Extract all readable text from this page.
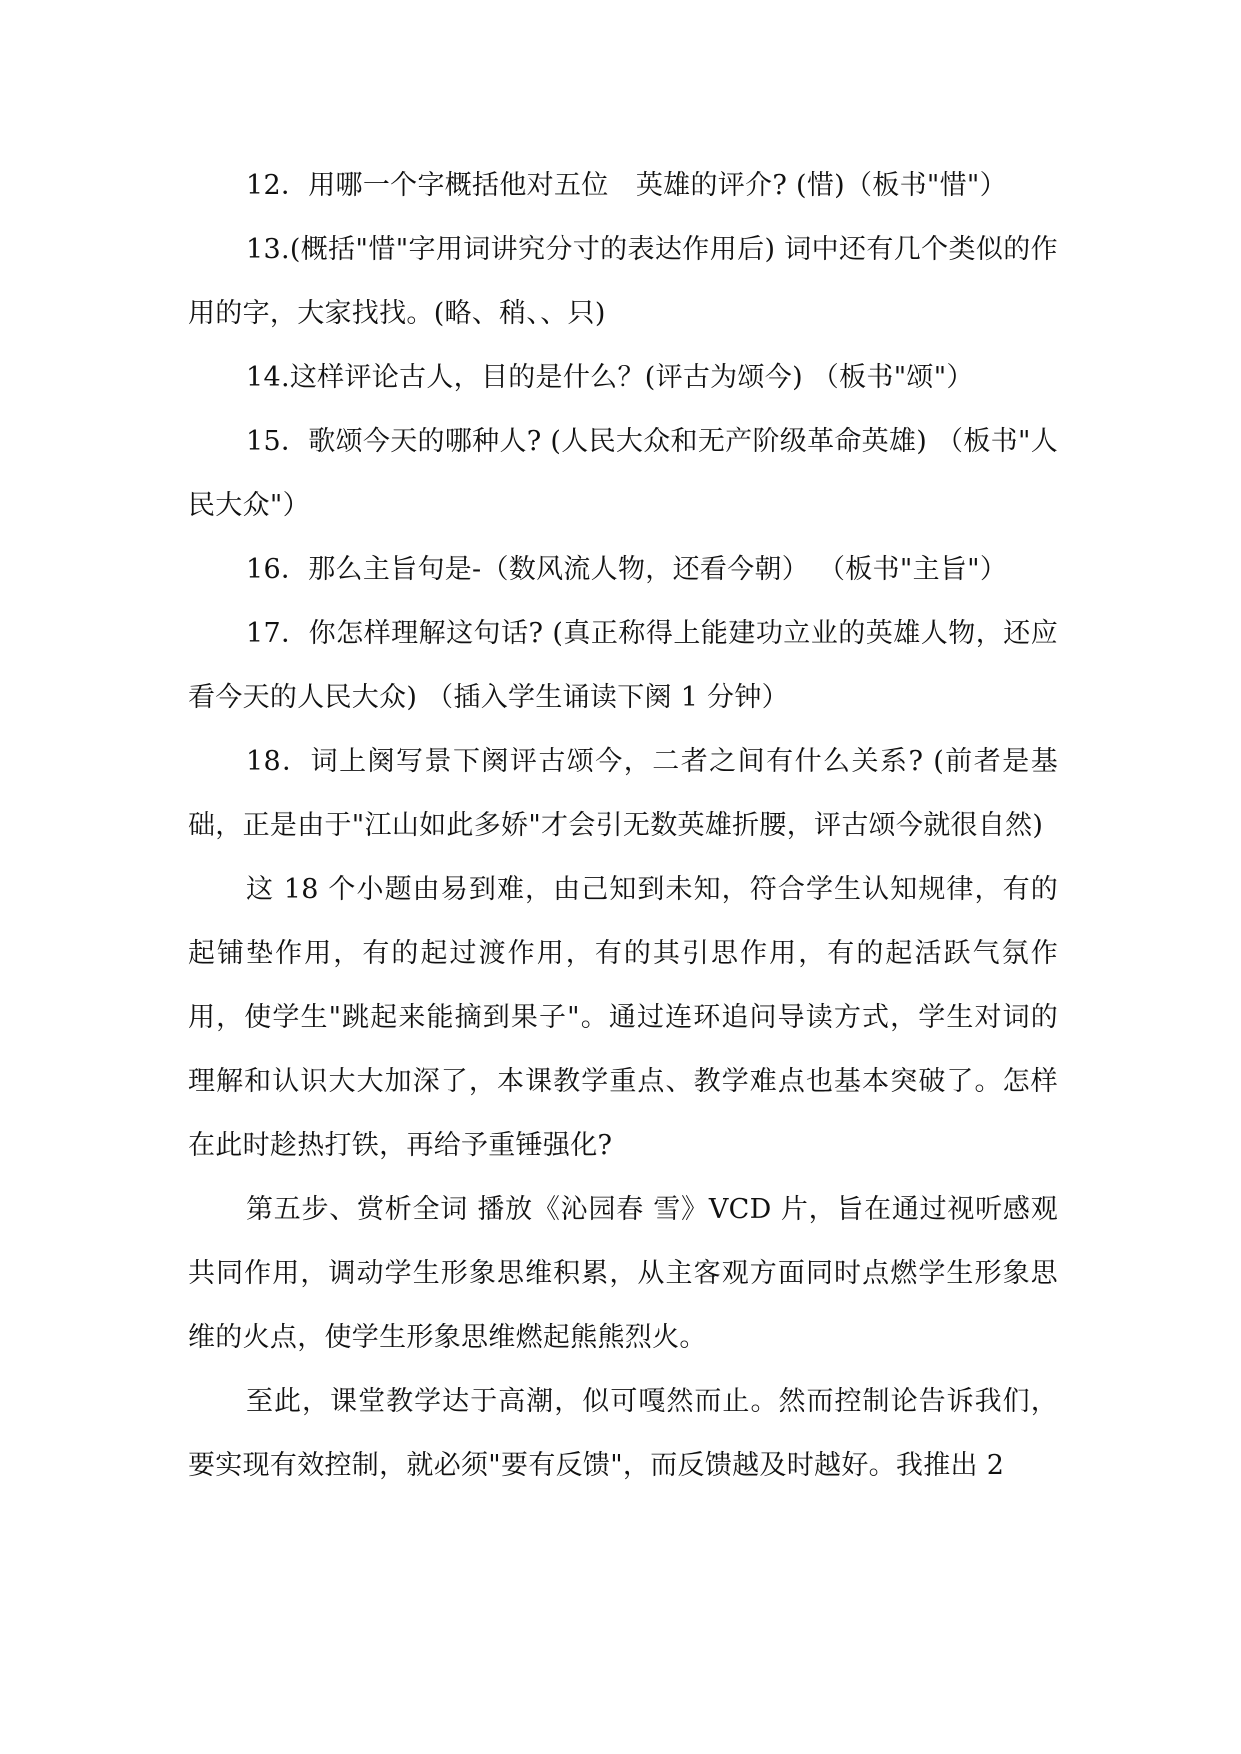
12．用哪一个字概括他对五位　英雄的评介? (惜)（板书"惜"）

13.(概括"惜"字用词讲究分寸的表达作用后) 词中还有几个类似的作用的字，大家找找。(略、稍、、只)

14.这样评论古人，目的是什么？(评古为颂今) （板书"颂"）

15．歌颂今天的哪种人? (人民大众和无产阶级革命英雄) （板书"人民大众"）

16．那么主旨句是-（数风流人物，还看今朝） （板书"主旨"）

17．你怎样理解这句话? (真正称得上能建功立业的英雄人物，还应看今天的人民大众) （插入学生诵读下阕 1 分钟）

18．词上阕写景下阕评古颂今，二者之间有什么关系? (前者是基础，正是由于"江山如此多娇"才会引无数英雄折腰，评古颂今就很自然)

这 18 个小题由易到难，由己知到未知，符合学生认知规律，有的起铺垫作用，有的起过渡作用，有的其引思作用，有的起活跃气氛作用，使学生"跳起来能摘到果子"。通过连环追问导读方式，学生对词的理解和认识大大加深了，本课教学重点、教学难点也基本突破了。怎样在此时趁热打铁，再给予重锤强化?

第五步、赏析全词 播放《沁园春 雪》VCD 片，旨在通过视听感观共同作用，调动学生形象思维积累，从主客观方面同时点燃学生形象思维的火点，使学生形象思维燃起熊熊烈火。

至此，课堂教学达于高潮，似可嘎然而止。然而控制论告诉我们，要实现有效控制，就必须"要有反馈"，而反馈越及时越好。我推出 2
